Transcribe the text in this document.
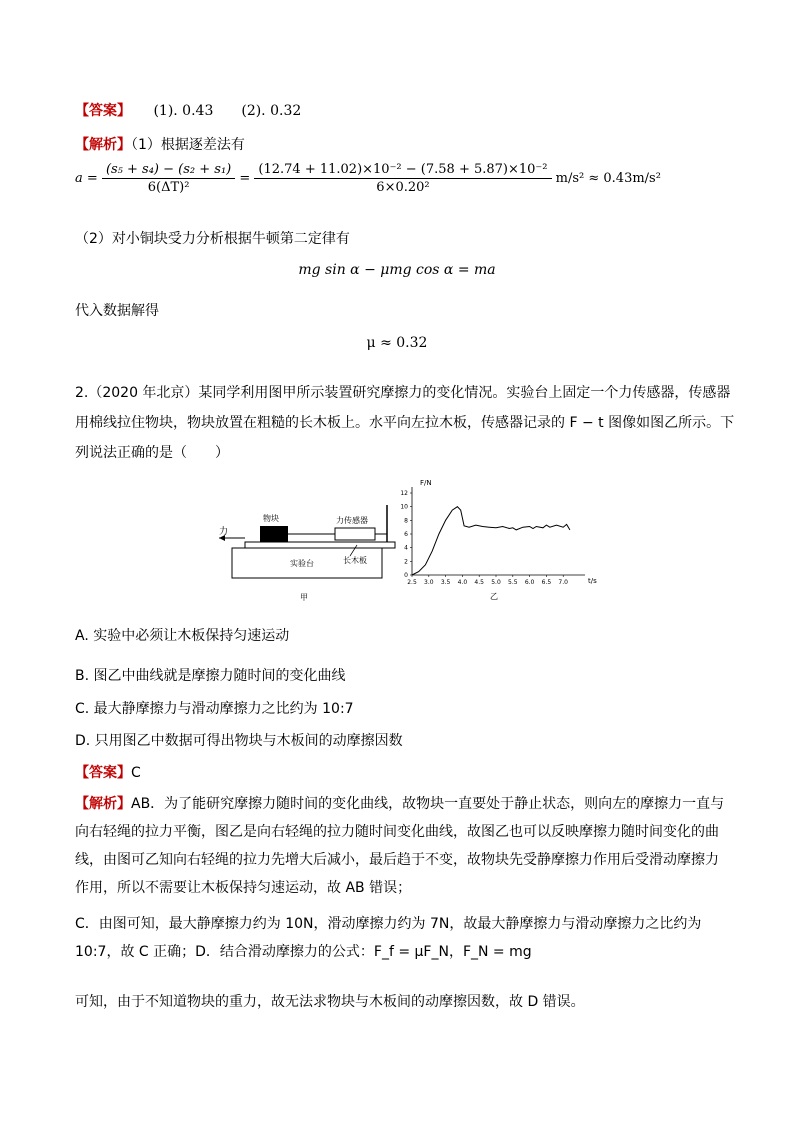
【答案】 (1). 0.43　　(2). 0.32
【解析】（1）根据逐差法有
$a = \frac{\text{(s₅ + s₄) − (s₂ + s₁)}}{\text{6(ΔT)²}} = \frac{\text{(12.74 + 11.02)×10⁻² − (7.58 + 5.87)×10⁻²}}{\text{6×0.20²}} m/s^2 \approx 0.43m/s^2$
（2）对小铜块受力分析根据牛顿第二定律有
mg sin α − μmg cos α = ma
代入数据解得
μ ≈ 0.32
2.（2020 年北京）某同学利用图甲所示装置研究摩擦力的变化情况。实验台上固定一个力传感器，传感器
用棉线拉住物块，物块放置在粗糙的长木板上。水平向左拉木板，传感器记录的 F − t 图像如图乙所示。下
列说法正确的是（　　）
实验台	长木板
力
物块	力传感器
甲
0
2
4
6
8
10
12
2.5 3.0 3.5 4.0 4.5 5.0 5.5 6.0 6.5 7.0
F/N
t/s
乙
A. 实验中必须让木板保持匀速运动
B. 图乙中曲线就是摩擦力随时间的变化曲线
C. 最大静摩擦力与滑动摩擦力之比约为 10:7
D. 只用图乙中数据可得出物块与木板间的动摩擦因数
【答案】C
【解析】AB．为了能研究摩擦力随时间的变化曲线，故物块一直要处于静止状态，则向左的摩擦力一直与向右轻绳的拉力平衡，图乙是向右轻绳的拉力随时间变化曲线，故图乙也可以反映摩擦力随时间变化的曲线，由图可乙知向右轻绳的拉力先增大后减小，最后趋于不变，故物块先受静摩擦力作用后受滑动摩擦力作用，所以不需要让木板保持匀速运动，故 AB 错误；
C．由图可知，最大静摩擦力约为 10N，滑动摩擦力约为 7N，故最大静摩擦力与滑动摩擦力之比约为 10:7，故 C 正确；D．结合滑动摩擦力的公式：F_f = μF_N，F_N = mg
可知，由于不知道物块的重力，故无法求物块与木板间的动摩擦因数，故 D 错误。
